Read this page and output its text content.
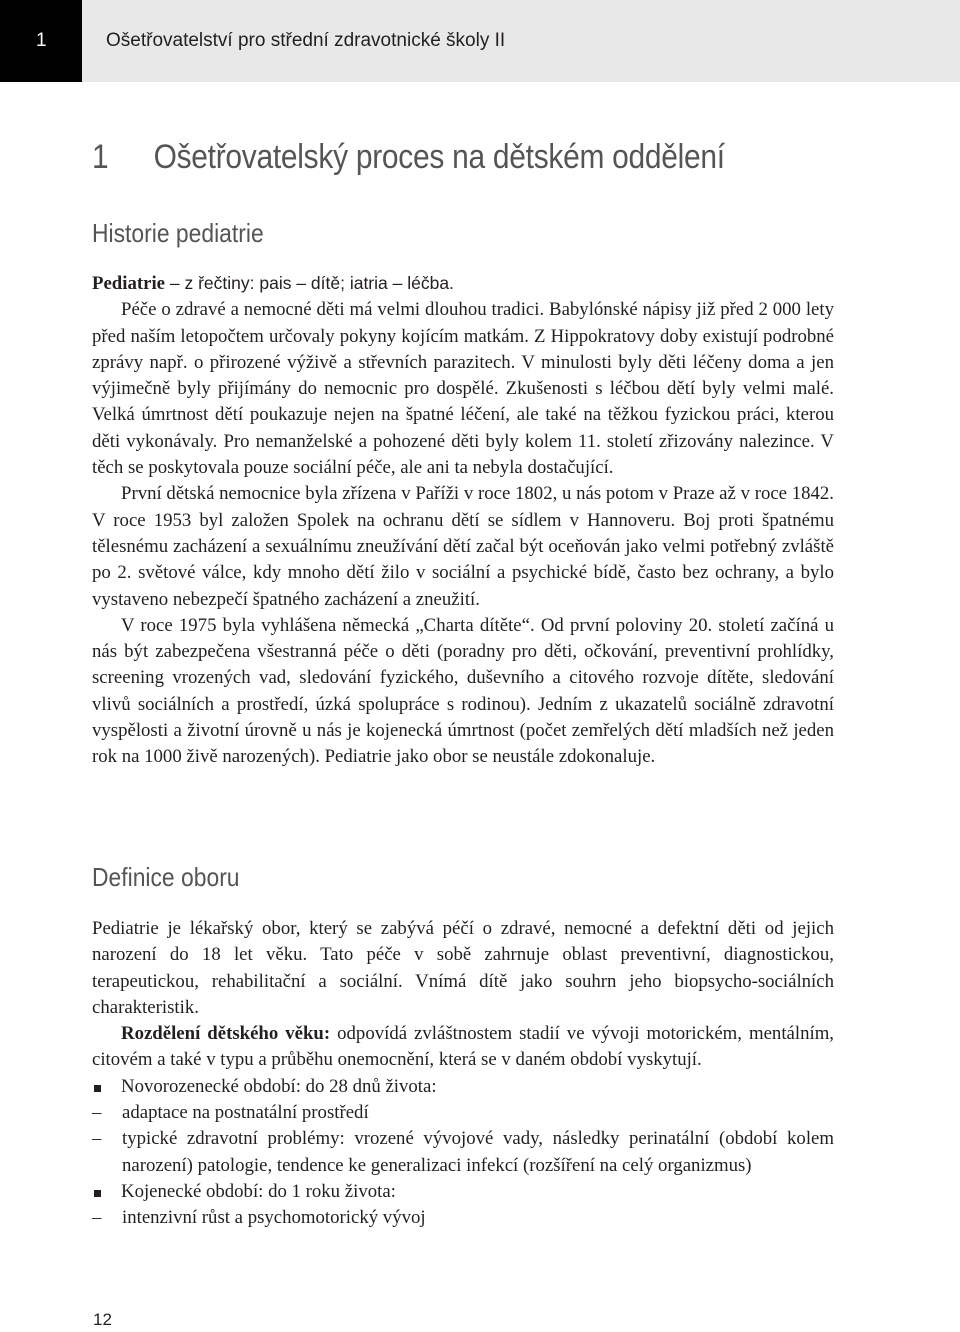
1	Ošetřovatelství pro střední zdravotnické školy II
1 Ošetřovatelský proces na dětském oddělení
Historie pediatrie

Pediatrie – z řečtiny: pais – dítě; iatria – léčba.

Péče o zdravé a nemocné děti má velmi dlouhou tradici. Babylónské nápisy již před 2 000 lety před naším letopočtem určovaly pokyny kojícím matkám. Z Hippokratovy doby existují podrobné zprávy např. o přirozené výživě a střevních parazitech. V minulosti byly děti léčeny doma a jen výjimečně byly přijímány do nemocnic pro dospělé. Zkušenosti s léčbou dětí byly velmi malé. Velká úmrtnost dětí poukazuje nejen na špatné léčení, ale také na těžkou fyzickou práci, kterou děti vykonávaly. Pro nemanželské a pohozené děti byly kolem 11. století zřizovány nalezince. V těch se poskytovala pouze sociální péče, ale ani ta nebyla dostačující.

První dětská nemocnice byla zřízena v Paříži v roce 1802, u nás potom v Praze až v roce 1842. V roce 1953 byl založen Spolek na ochranu dětí se sídlem v Hannoveru. Boj proti špatnému tělesnému zacházení a sexuálnímu zneužívání dětí začal být oceňován jako velmi potřebný zvláště po 2. světové válce, kdy mnoho dětí žilo v sociální a psychické bídě, často bez ochrany, a bylo vystaveno nebezpečí špatného zacházení a zneužití.

V roce 1975 byla vyhlášena německá „Charta dítěte“. Od první poloviny 20. století začíná u nás být zabezpečena všestranná péče o děti (poradny pro děti, očkování, preventivní prohlídky, screening vrozených vad, sledování fyzického, duševního a citového rozvoje dítěte, sledování vlivů sociálních a prostředí, úzká spolupráce s rodinou). Jedním z ukazatelů sociálně zdravotní vyspělosti a životní úrovně u nás je kojenecká úmrtnost (počet zemřelých dětí mladších než jeden rok na 1000 živě narozených). Pediatrie jako obor se neustále zdokonaluje.

Definice oboru

Pediatrie je lékařský obor, který se zabývá péčí o zdravé, nemocné a defektní děti od jejich narození do 18 let věku. Tato péče v sobě zahrnuje oblast preventivní, diagnostickou, terapeutickou, rehabilitační a sociální. Vnímá dítě jako souhrn jeho biopsycho-sociálních charakteristik.

Rozdělení dětského věku: odpovídá zvláštnostem stadií ve vývoji motorickém, mentálním, citovém a také v typu a průběhu onemocnění, která se v daném období vyskytují.

Novorozenecké období: do 28 dnů života:
– adaptace na postnatální prostředí
– typické zdravotní problémy: vrozené vývojové vady, následky perinatální (období kolem narození) patologie, tendence ke generalizaci infekcí (rozšíření na celý organizmus)
Kojenecké období: do 1 roku života:
– intenzivní růst a psychomotorický vývoj
12
